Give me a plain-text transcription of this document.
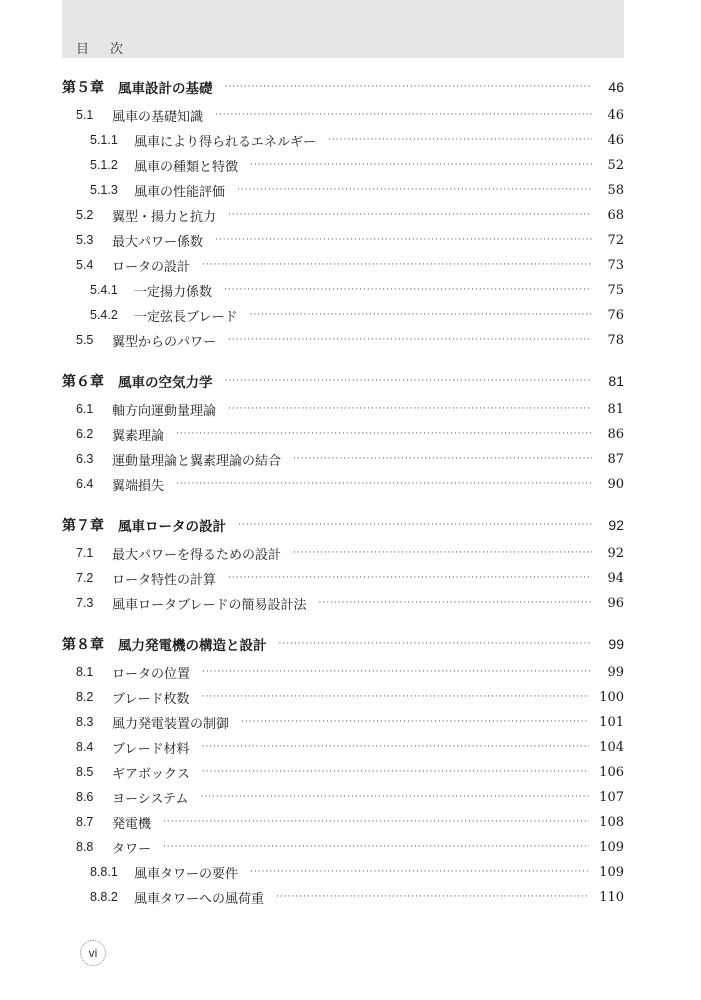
目　次
第５章 風車設計の基礎 ·····	46
5.1	風車の基礎知識 ·····	46
5.1.1	風車により得られるエネルギー ·····	46
5.1.2	風車の種類と特徴 ·····	52
5.1.3	風車の性能評価 ·····	58
5.2	翼型・揚力と抗力 ·····	68
5.3	最大パワー係数 ·····	72
5.4	ロータの設計 ·····	73
5.4.1	一定揚力係数 ·····	75
5.4.2	一定弦長ブレード ·····	76
5.5	翼型からのパワー ·····	78
第６章 風車の空気力学 ·····	81
6.1	軸方向運動量理論 ·····	81
6.2	翼素理論 ·····	86
6.3	運動量理論と翼素理論の結合 ·····	87
6.4	翼端損失 ·····	90
第７章 風車ロータの設計 ·····	92
7.1	最大パワーを得るための設計 ·····	92
7.2	ロータ特性の計算 ·····	94
7.3	風車ロータブレードの簡易設計法 ·····	96
第８章 風力発電機の構造と設計 ·····	99
8.1	ロータの位置 ·····	99
8.2	ブレード枚数 ·····	100
8.3	風力発電装置の制御 ·····	101
8.4	ブレード材料 ·····	104
8.5	ギアボックス ·····	106
8.6	ヨーシステム ·····	107
8.7	発電機 ·····	108
8.8	タワー ·····	109
8.8.1	風車タワーの要件 ·····	109
8.8.2	風車タワーへの風荷重 ·····	110
vi
